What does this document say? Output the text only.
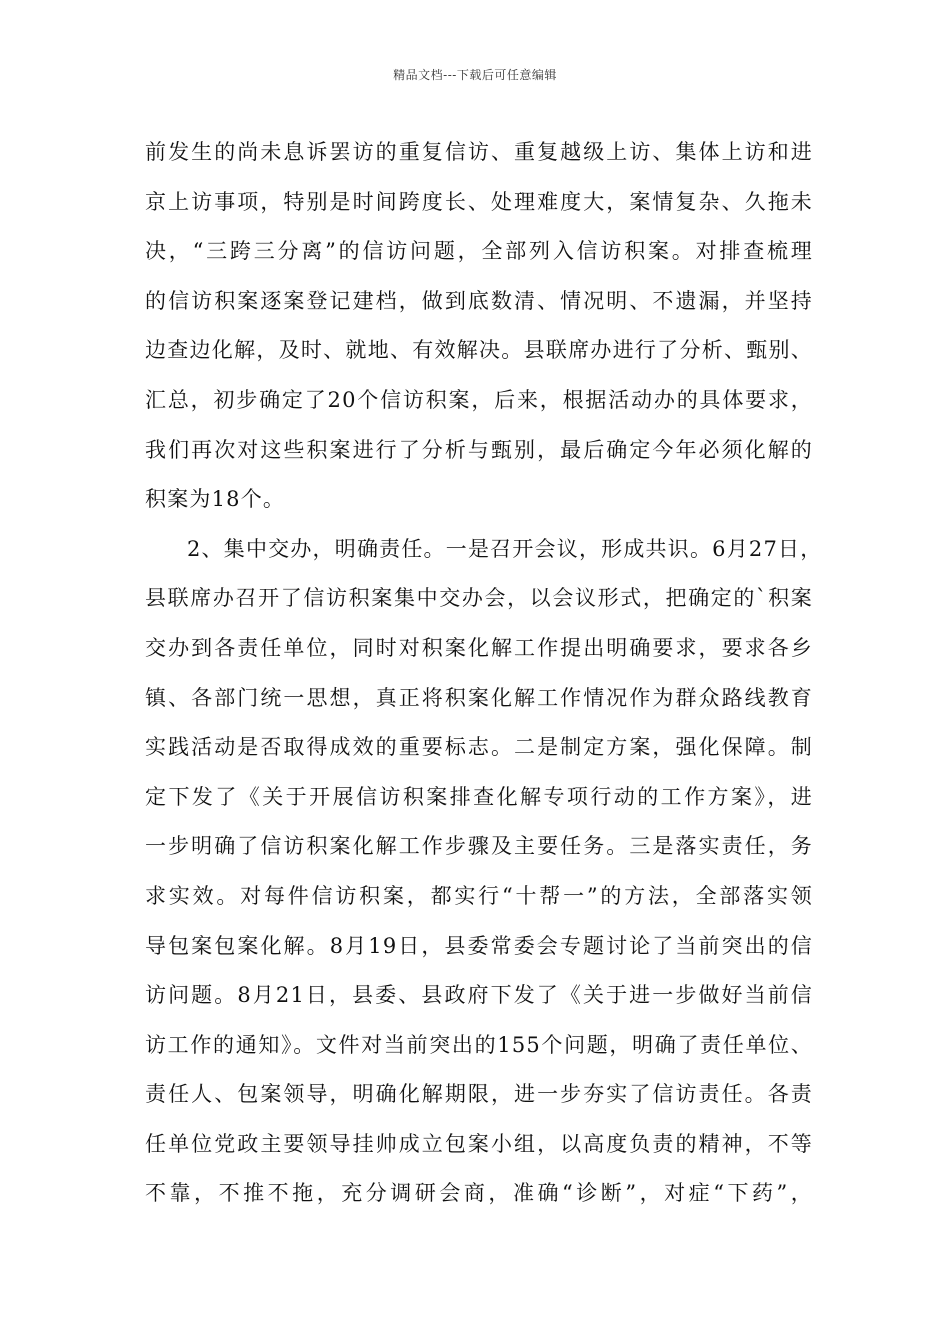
精品文档---下载后可任意编辑
前发生的尚未息诉罢访的重复信访、重复越级上访、集体上访和进
京上访事项，特别是时间跨度长、处理难度大，案情复杂、久拖未
决，“三跨三分离”的信访问题，全部列入信访积案。对排查梳理
的信访积案逐案登记建档，做到底数清、情况明、不遗漏，并坚持
边查边化解，及时、就地、有效解决。县联席办进行了分析、甄别、
汇总，初步确定了20个信访积案，后来，根据活动办的具体要求，
我们再次对这些积案进行了分析与甄别，最后确定今年必须化解的
积案为18个。
2、集中交办，明确责任。一是召开会议，形成共识。6月27日，
县联席办召开了信访积案集中交办会，以会议形式，把确定的`积案
交办到各责任单位，同时对积案化解工作提出明确要求，要求各乡
镇、各部门统一思想，真正将积案化解工作情况作为群众路线教育
实践活动是否取得成效的重要标志。二是制定方案，强化保障。制
定下发了《关于开展信访积案排查化解专项行动的工作方案》，进
一步明确了信访积案化解工作步骤及主要任务。三是落实责任，务
求实效。对每件信访积案，都实行“十帮一”的方法，全部落实领
导包案包案化解。8月19日，县委常委会专题讨论了当前突出的信
访问题。8月21日，县委、县政府下发了《关于进一步做好当前信
访工作的通知》。文件对当前突出的155个问题，明确了责任单位、
责任人、包案领导，明确化解期限，进一步夯实了信访责任。各责
任单位党政主要领导挂帅成立包案小组，以高度负责的精神，不等
不靠，不推不拖，充分调研会商，准确“诊断”，对症“下药”，
